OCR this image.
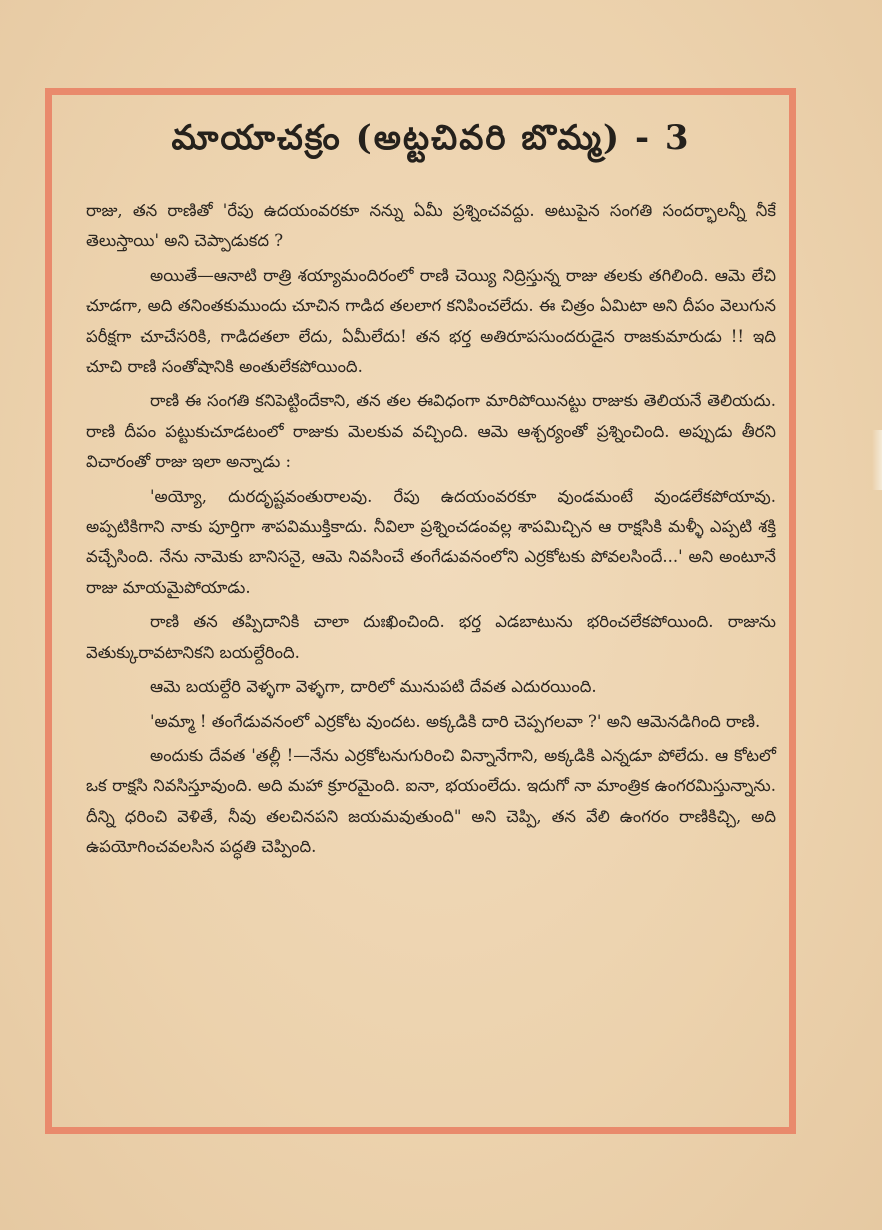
మాయాచక్రం (అట్టచివరి బొమ్మ) - 3

రాజు, తన రాణితో 'రేపు ఉదయంవరకూ నన్ను ఏమీ ప్రశ్నించవద్దు. అటుపైన సంగతి సందర్భాలన్నీ నీకే తెలుస్తాయి' అని చెప్పాడుకద ?

అయితే—ఆనాటి రాత్రి శయ్యామందిరంలో రాణి చెయ్యి నిద్రిస్తున్న రాజు తలకు తగిలింది. ఆమె లేచి చూడగా, అది తనింతకుముందు చూచిన గాడిద తలలాగ కనిపించలేదు. ఈ చిత్రం ఏమిటా అని దీపం వెలుగున పరీక్షగా చూచేసరికి, గాడిదతలా లేదు, ఏమీలేదు! తన భర్త అతిరూపసుందరుడైన రాజకుమారుడు !! ఇది చూచి రాణి సంతోషానికి అంతులేకపోయింది.

రాణి ఈ సంగతి కనిపెట్టిందేకాని, తన తల ఈవిధంగా మారిపోయినట్టు రాజుకు తెలియనే తెలియదు. రాణి దీపం పట్టుకుచూడటంలో రాజుకు మెలకువ వచ్చింది. ఆమె ఆశ్చర్యంతో ప్రశ్నించింది. అప్పుడు తీరని విచారంతో రాజు ఇలా అన్నాడు :

'అయ్యో, దురదృష్టవంతురాలవు. రేపు ఉదయంవరకూ వుండమంటే వుండలేకపోయావు. అప్పటికిగాని నాకు పూర్తిగా శాపవిముక్తికాదు. నీవిలా ప్రశ్నించడంవల్ల శాపమిచ్చిన ఆ రాక్షసికి మళ్ళీ ఎప్పటి శక్తి వచ్చేసింది. నేను నామెకు బానిసనై, ఆమె నివసించే తంగేడువనంలోని ఎర్రకోటకు పోవలసిందే...' అని అంటూనే రాజు మాయమైపోయాడు.

రాణి తన తప్పిదానికి చాలా దుఃఖించింది. భర్త ఎడబాటును భరించలేకపోయింది. రాజును వెతుక్కురావటానికని బయల్దేరింది.

ఆమె బయల్దేరి వెళ్ళగా వెళ్ళగా, దారిలో మునుపటి దేవత ఎదురయింది.

'అమ్మా ! తంగేడువనంలో ఎర్రకోట వుందట. అక్కడికి దారి చెప్పగలవా ?' అని ఆమెనడిగింది రాణి.

అందుకు దేవత 'తల్లీ !—నేను ఎర్రకోటనుగురించి విన్నానేగాని, అక్కడికి ఎన్నడూ పోలేదు. ఆ కోటలో ఒక రాక్షసి నివసిస్తూవుంది. అది మహా క్రూరమైంది. ఐనా, భయంలేదు. ఇదుగో నా మాంత్రిక ఉంగరమిస్తున్నాను. దీన్ని ధరించి వెళితే, నీవు తలచినపని జయమవుతుంది" అని చెప్పి, తన వేలి ఉంగరం రాణికిచ్చి, అది ఉపయోగించవలసిన పద్ధతి చెప్పింది.
